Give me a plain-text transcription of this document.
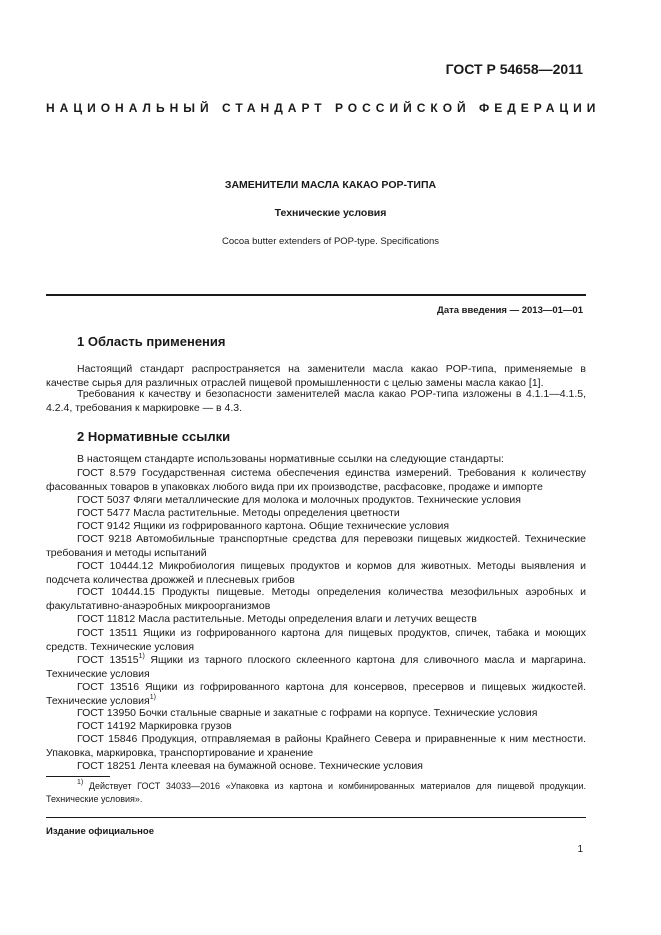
ГОСТ Р 54658—2011
НАЦИОНАЛЬНЫЙ СТАНДАРТ РОССИЙСКОЙ ФЕДЕРАЦИИ
ЗАМЕНИТЕЛИ МАСЛА КАКАО POP-ТИПА
Технические условия
Cocoa butter extenders of POP-type. Specifications
Дата введения — 2013—01—01
1 Область применения

Настоящий стандарт распространяется на заменители масла какао POP-типа, применяемые в качестве сырья для различных отраслей пищевой промышленности с целью замены масла какао [1].

Требования к качеству и безопасности заменителей масла какао POP-типа изложены в 4.1.1—4.1.5, 4.2.4, требования к маркировке — в 4.3.

2 Нормативные ссылки

В настоящем стандарте использованы нормативные ссылки на следующие стандарты:

ГОСТ 8.579 Государственная система обеспечения единства измерений. Требования к количеству фасованных товаров в упаковках любого вида при их производстве, расфасовке, продаже и импорте

ГОСТ 5037 Фляги металлические для молока и молочных продуктов. Технические условия

ГОСТ 5477 Масла растительные. Методы определения цветности

ГОСТ 9142 Ящики из гофрированного картона. Общие технические условия

ГОСТ 9218 Автомобильные транспортные средства для перевозки пищевых жидкостей. Технические требования и методы испытаний

ГОСТ 10444.12 Микробиология пищевых продуктов и кормов для животных. Методы выявления и подсчета количества дрожжей и плесневых грибов

ГОСТ 10444.15 Продукты пищевые. Методы определения количества мезофильных аэробных и факультативно-анаэробных микроорганизмов

ГОСТ 11812 Масла растительные. Методы определения влаги и летучих веществ

ГОСТ 13511 Ящики из гофрированного картона для пищевых продуктов, спичек, табака и моющих средств. Технические условия

ГОСТ 13515$^{1)}$ Ящики из тарного плоского склеенного картона для сливочного масла и маргарина. Технические условия

ГОСТ 13516 Ящики из гофрированного картона для консервов, пресервов и пищевых жидкостей. Технические условия$^{1)}$

ГОСТ 13950 Бочки стальные сварные и закатные с гофрами на корпусе. Технические условия

ГОСТ 14192 Маркировка грузов

ГОСТ 15846 Продукция, отправляемая в районы Крайнего Севера и приравненные к ним местности. Упаковка, маркировка, транспортирование и хранение

ГОСТ 18251 Лента клеевая на бумажной основе. Технические условия

$^{1)}$ Действует ГОСТ 34033—2016 «Упаковка из картона и комбинированных материалов для пищевой продукции. Технические условия».

Издание официальное
1
